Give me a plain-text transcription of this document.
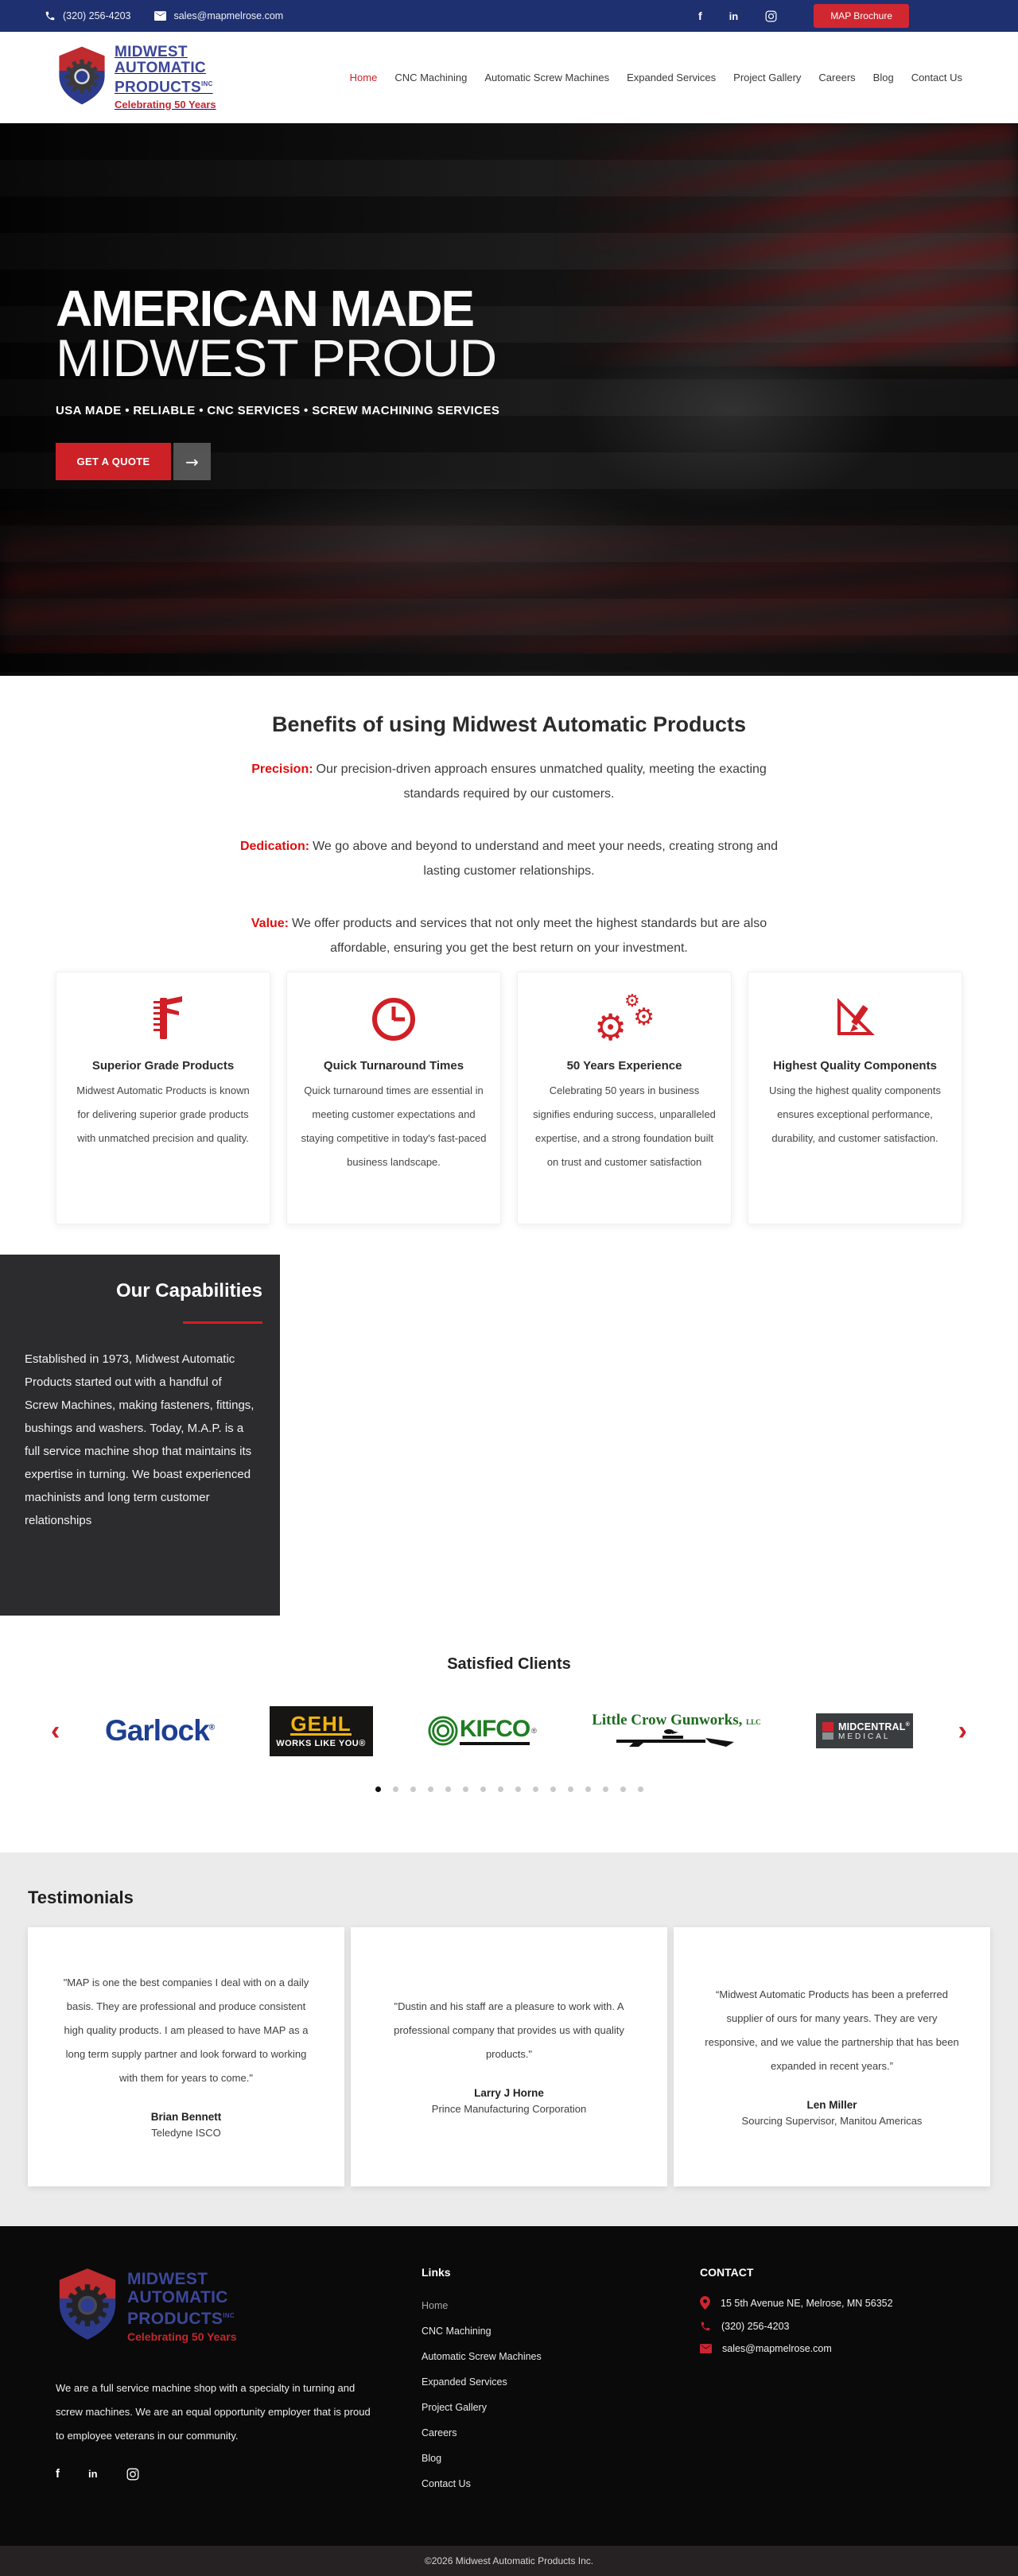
(320) 256-4203	sales@mapmelrose.com	f	in	MAP Brochure
MIDWEST
AUTOMATIC
PRODUCTS$^{INC}$
Celebrating 50 Years
Home CNC Machining Automatic Screw Machines Expanded Services Project Gallery Careers Blog Contact Us
AMERICAN MADE
MIDWEST PROUD
USA MADE • RELIABLE • CNC SERVICES • SCREW MACHINING SERVICES
GET A QUOTE	→
Benefits of using Midwest Automatic Products

Precision: Our precision-driven approach ensures unmatched quality, meeting the exacting standards required by our customers.

Dedication: We go above and beyond to understand and meet your needs, creating strong and lasting customer relationships.

Value: We offer products and services that not only meet the highest standards but are also affordable, ensuring you get the best return on your investment.

Superior Grade Products

Midwest Automatic Products is known for delivering superior grade products with unmatched precision and quality.

Quick Turnaround Times

Quick turnaround times are essential in meeting customer expectations and staying competitive in today's fast-paced business landscape.

⚙
⚙
⚙
50 Years Experience

Celebrating 50 years in business signifies enduring success, unparalleled expertise, and a strong foundation built on trust and customer satisfaction

Highest Quality Components

Using the highest quality components ensures exceptional performance, durability, and customer satisfaction.

Our Capabilities

Established in 1973, Midwest Automatic Products started out with a handful of Screw Machines, making fasteners, fittings, bushings and washers. Today, M.A.P. is a full service machine shop that maintains its expertise in turning. We boast experienced machinists and long term customer relationships

Satisfied Clients
‹ Garlock®	GEHL
WORKS LIKE YOU®
KIFCO ®
Little Crow Gunworks, LLC	MIDCENTRAL®
MEDICAL	›
Testimonials
"MAP is one the best companies I deal with on a daily basis. They are professional and produce consistent high quality products. I am pleased to have MAP as a long term supply partner and look forward to working with them for years to come."
Brian Bennett
Teledyne ISCO
"Dustin and his staff are a pleasure to work with. A professional company that provides us with quality products."
Larry J Horne
Prince Manufacturing Corporation
“Midwest Automatic Products has been a preferred supplier of ours for many years. They are very responsive, and we value the partnership that has been expanded in recent years.”
Len Miller
Sourcing Supervisor, Manitou Americas
MIDWEST
AUTOMATIC
$PRODUCTS^{INC}$
Celebrating 50 Years

We are a full service machine shop with a specialty in turning and screw machines. We are an equal opportunity employer that is proud to employee veterans in our community.

f	in
Links
Home
CNC Machining
Automatic Screw Machines
Expanded Services
Project Gallery
Careers
Blog
Contact Us
CONTACT
15 5th Avenue NE, Melrose, MN 56352
(320) 256-4203
sales@mapmelrose.com
©2026 Midwest Automatic Products Inc.
